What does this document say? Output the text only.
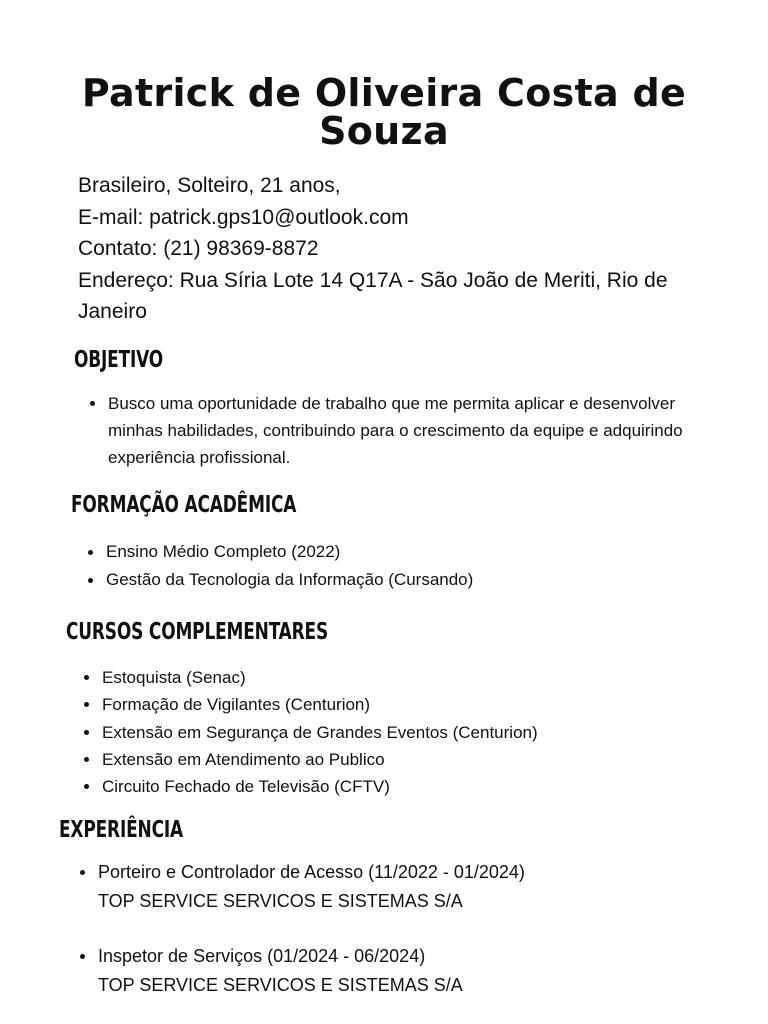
Patrick de Oliveira Costa de Souza
Brasileiro, Solteiro, 21 anos,
E-mail: patrick.gps10@outlook.com
Contato: (21) 98369-8872
Endereço: Rua Síria Lote 14 Q17A - São João de Meriti, Rio de Janeiro
OBJETIVO
Busco uma oportunidade de trabalho que me permita aplicar e desenvolver minhas habilidades, contribuindo para o crescimento da equipe e adquirindo experiência profissional.
FORMAÇÃO ACADÊMICA
Ensino Médio Completo (2022)
Gestão da Tecnologia da Informação (Cursando)
CURSOS COMPLEMENTARES
Estoquista (Senac)
Formação de Vigilantes (Centurion)
Extensão em Segurança de Grandes Eventos (Centurion)
Extensão em Atendimento ao Publico
Circuito Fechado de Televisão (CFTV)
EXPERIÊNCIA
Porteiro e Controlador de Acesso (11/2022 - 01/2024)
TOP SERVICE SERVICOS E SISTEMAS S/A
Inspetor de Serviços (01/2024 - 06/2024)
TOP SERVICE SERVICOS E SISTEMAS S/A
